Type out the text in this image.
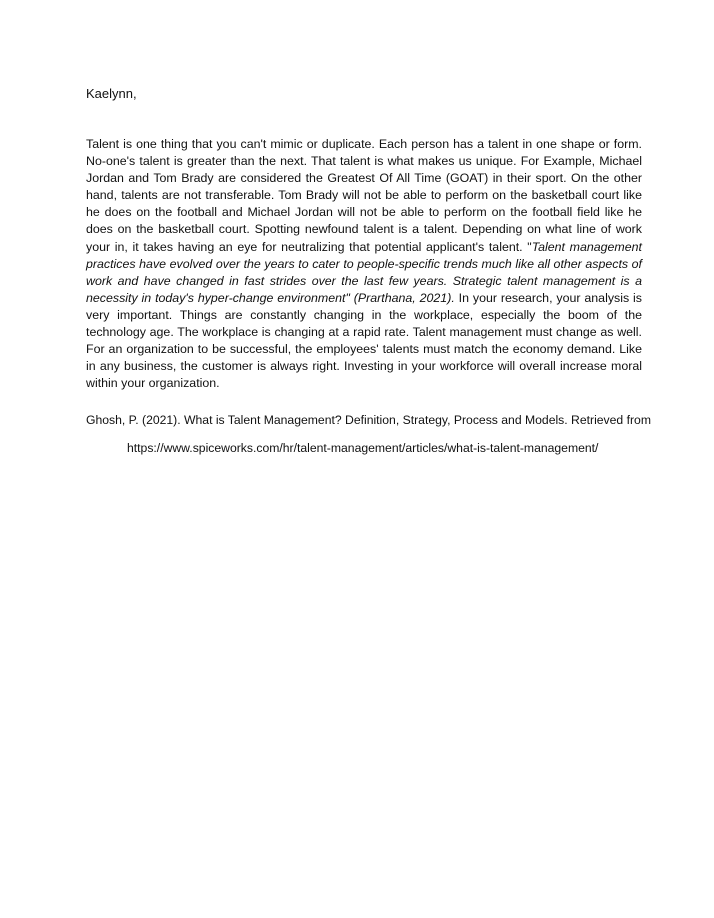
Kaelynn,
Talent is one thing that you can't mimic or duplicate. Each person has a talent in one shape or form. No-one's talent is greater than the next. That talent is what makes us unique. For Example, Michael Jordan and Tom Brady are considered the Greatest Of All Time (GOAT) in their sport. On the other hand, talents are not transferable. Tom Brady will not be able to perform on the basketball court like he does on the football and Michael Jordan will not be able to perform on the football field like he does on the basketball court. Spotting newfound talent is a talent. Depending on what line of work your in, it takes having an eye for neutralizing that potential applicant's talent. "Talent management practices have evolved over the years to cater to people-specific trends much like all other aspects of work and have changed in fast strides over the last few years. Strategic talent management is a necessity in today's hyper-change environment" (Prarthana, 2021). In your research, your analysis is very important. Things are constantly changing in the workplace, especially the boom of the technology age. The workplace is changing at a rapid rate. Talent management must change as well. For an organization to be successful, the employees' talents must match the economy demand. Like in any business, the customer is always right. Investing in your workforce will overall increase moral within your organization.
Ghosh, P. (2021). What is Talent Management? Definition, Strategy, Process and Models. Retrieved from
https://www.spiceworks.com/hr/talent-management/articles/what-is-talent-management/
